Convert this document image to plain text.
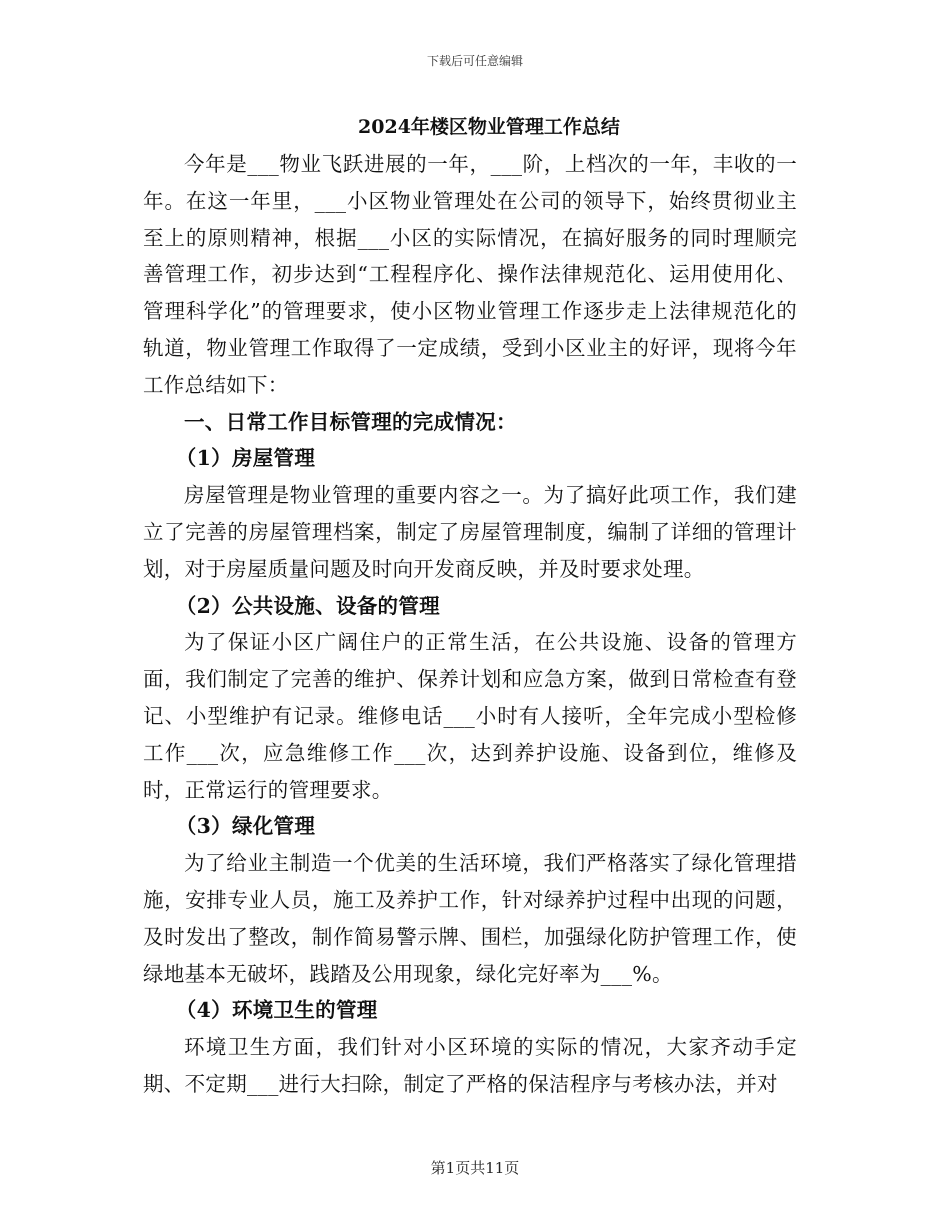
下载后可任意编辑
2024年楼区物业管理工作总结

今年是___物业飞跃进展的一年，___阶，上档次的一年，丰收的一年。在这一年里，___小区物业管理处在公司的领导下，始终贯彻业主至上的原则精神，根据___小区的实际情况，在搞好服务的同时理顺完善管理工作，初步达到“工程程序化、操作法律规范化、运用使用化、管理科学化”的管理要求，使小区物业管理工作逐步走上法律规范化的轨道，物业管理工作取得了一定成绩，受到小区业主的好评，现将今年工作总结如下：

一、日常工作目标管理的完成情况：

（1）房屋管理

房屋管理是物业管理的重要内容之一。为了搞好此项工作，我们建立了完善的房屋管理档案，制定了房屋管理制度，编制了详细的管理计划，对于房屋质量问题及时向开发商反映，并及时要求处理。

（2）公共设施、设备的管理

为了保证小区广阔住户的正常生活，在公共设施、设备的管理方面，我们制定了完善的维护、保养计划和应急方案，做到日常检查有登记、小型维护有记录。维修电话___小时有人接听，全年完成小型检修工作___次，应急维修工作___次，达到养护设施、设备到位，维修及时，正常运行的管理要求。

（3）绿化管理

为了给业主制造一个优美的生活环境，我们严格落实了绿化管理措施，安排专业人员，施工及养护工作，针对绿养护过程中出现的问题，及时发出了整改，制作简易警示牌、围栏，加强绿化防护管理工作，使绿地基本无破坏，践踏及公用现象，绿化完好率为___%。

（4）环境卫生的管理

环境卫生方面，我们针对小区环境的实际的情况，大家齐动手定期、不定期___进行大扫除，制定了严格的保洁程序与考核办法，并对

第1页共11页
